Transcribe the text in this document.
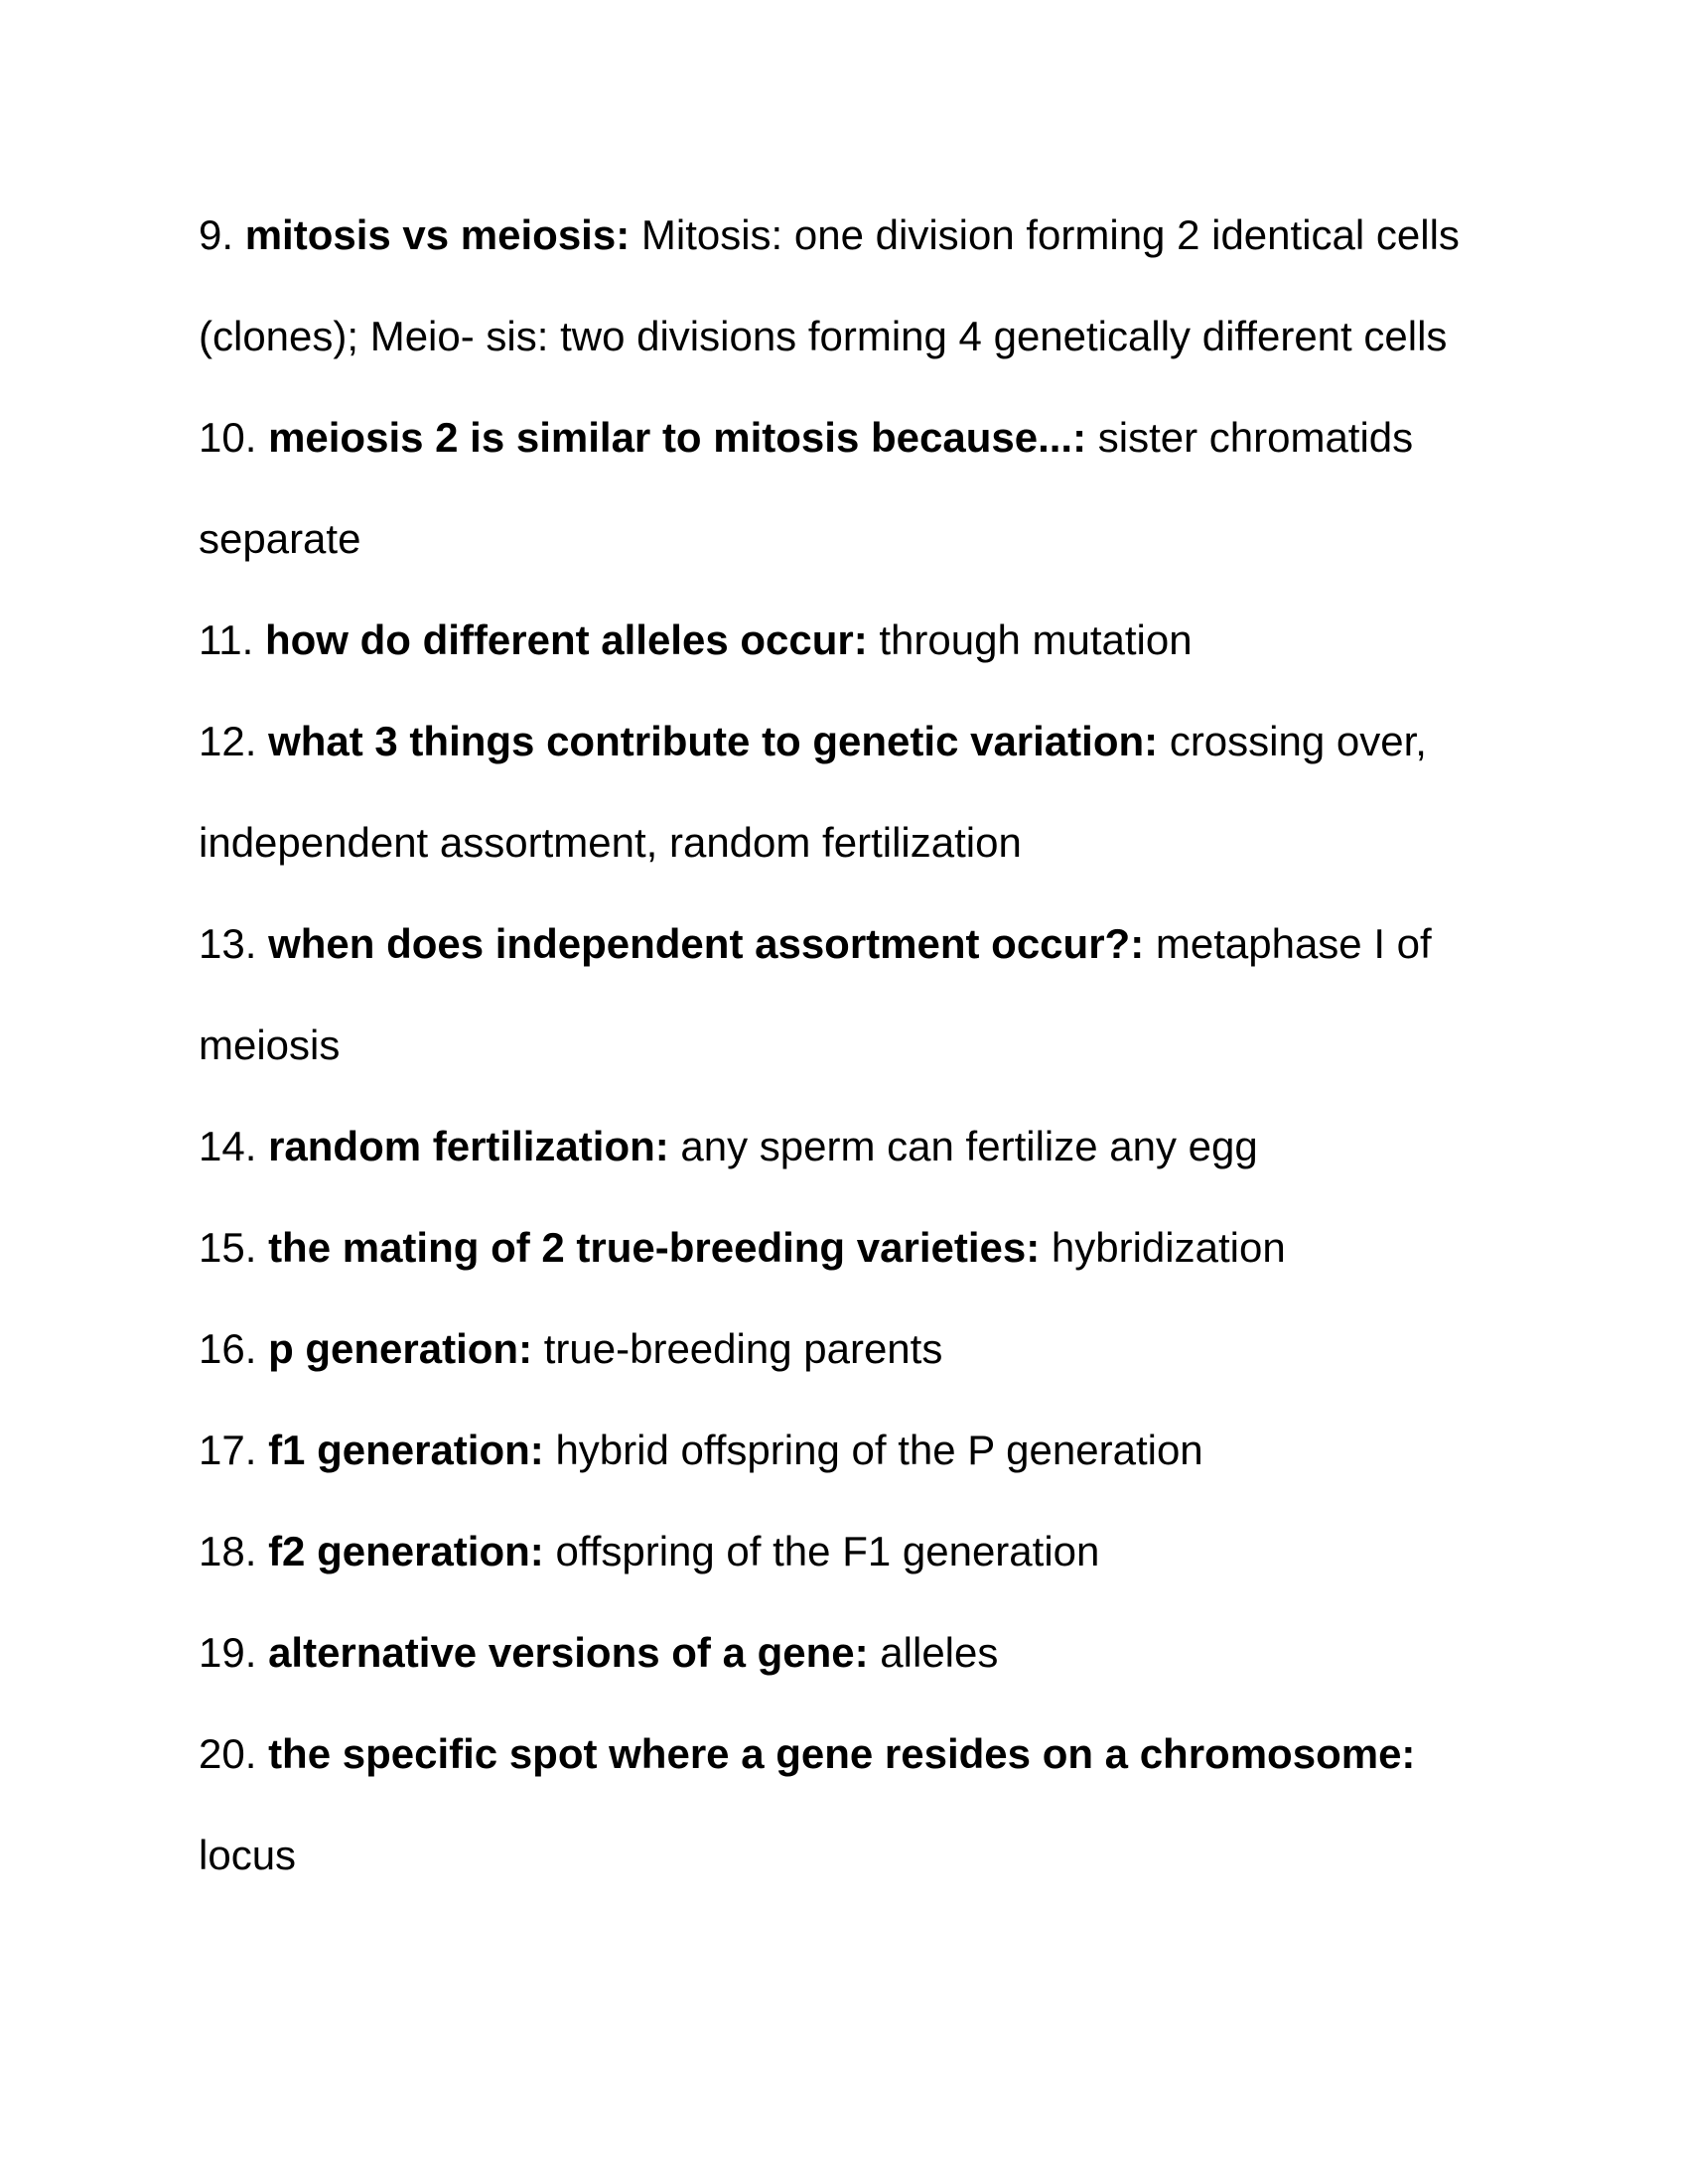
9. mitosis vs meiosis: Mitosis: one division forming 2 identical cells (clones); Meio- sis: two divisions forming 4 genetically different cells
10. meiosis 2 is similar to mitosis because...: sister chromatids separate
11. how do different alleles occur: through mutation
12. what 3 things contribute to genetic variation: crossing over, independent assortment, random fertilization
13. when does independent assortment occur?: metaphase I of meiosis
14. random fertilization: any sperm can fertilize any egg
15. the mating of 2 true-breeding varieties: hybridization
16. p generation: true-breeding parents
17. f1 generation: hybrid offspring of the P generation
18. f2 generation: offspring of the F1 generation
19. alternative versions of a gene: alleles
20. the specific spot where a gene resides on a chromosome: locus
